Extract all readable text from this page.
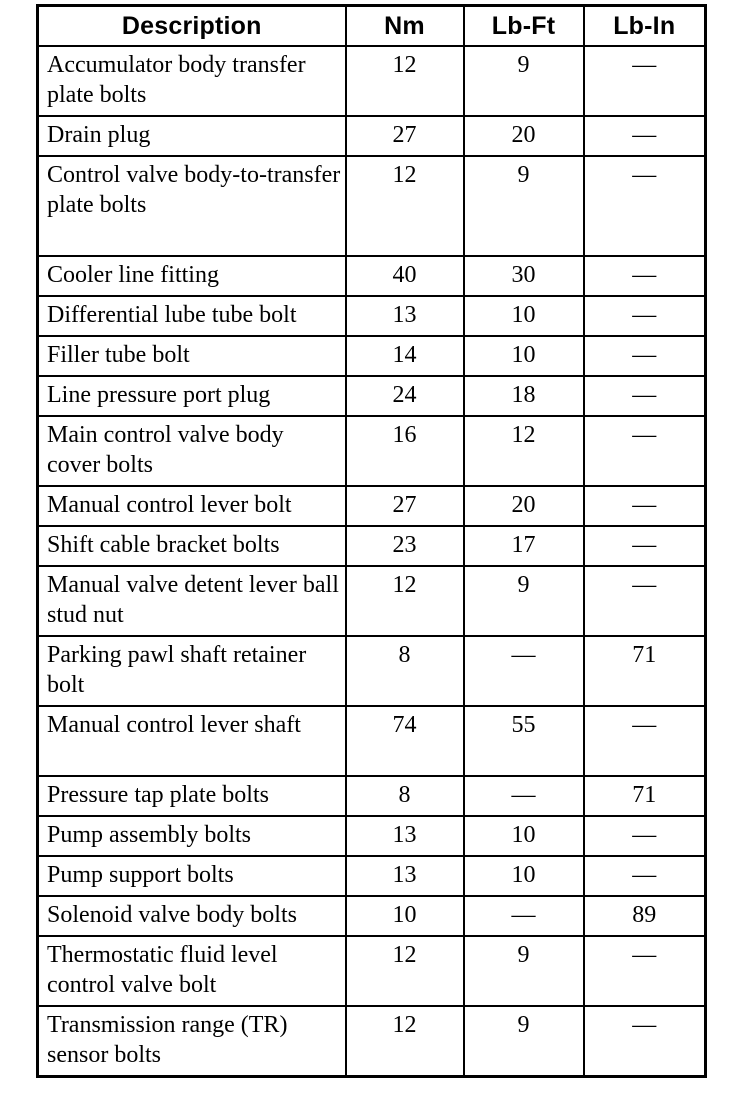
Description	Nm	Lb-Ft	Lb-In
Accumulator body transfer plate bolts	12	9	—
Drain plug	27	20	—
Control valve body-to-transfer plate bolts	12	9	—
Cooler line fitting	40	30	—
Differential lube tube bolt	13	10	—
Filler tube bolt	14	10	—
Line pressure port plug	24	18	—
Main control valve body cover bolts	16	12	—
Manual control lever bolt	27	20	—
Shift cable bracket bolts	23	17	—
Manual valve detent lever ball stud nut	12	9	—
Parking pawl shaft retainer bolt	8	—	71
Manual control lever shaft	74	55	—
Pressure tap plate bolts	8	—	71
Pump assembly bolts	13	10	—
Pump support bolts	13	10	—
Solenoid valve body bolts	10	—	89
Thermostatic fluid level control valve bolt	12	9	—
Transmission range (TR) sensor bolts	12	9	—
